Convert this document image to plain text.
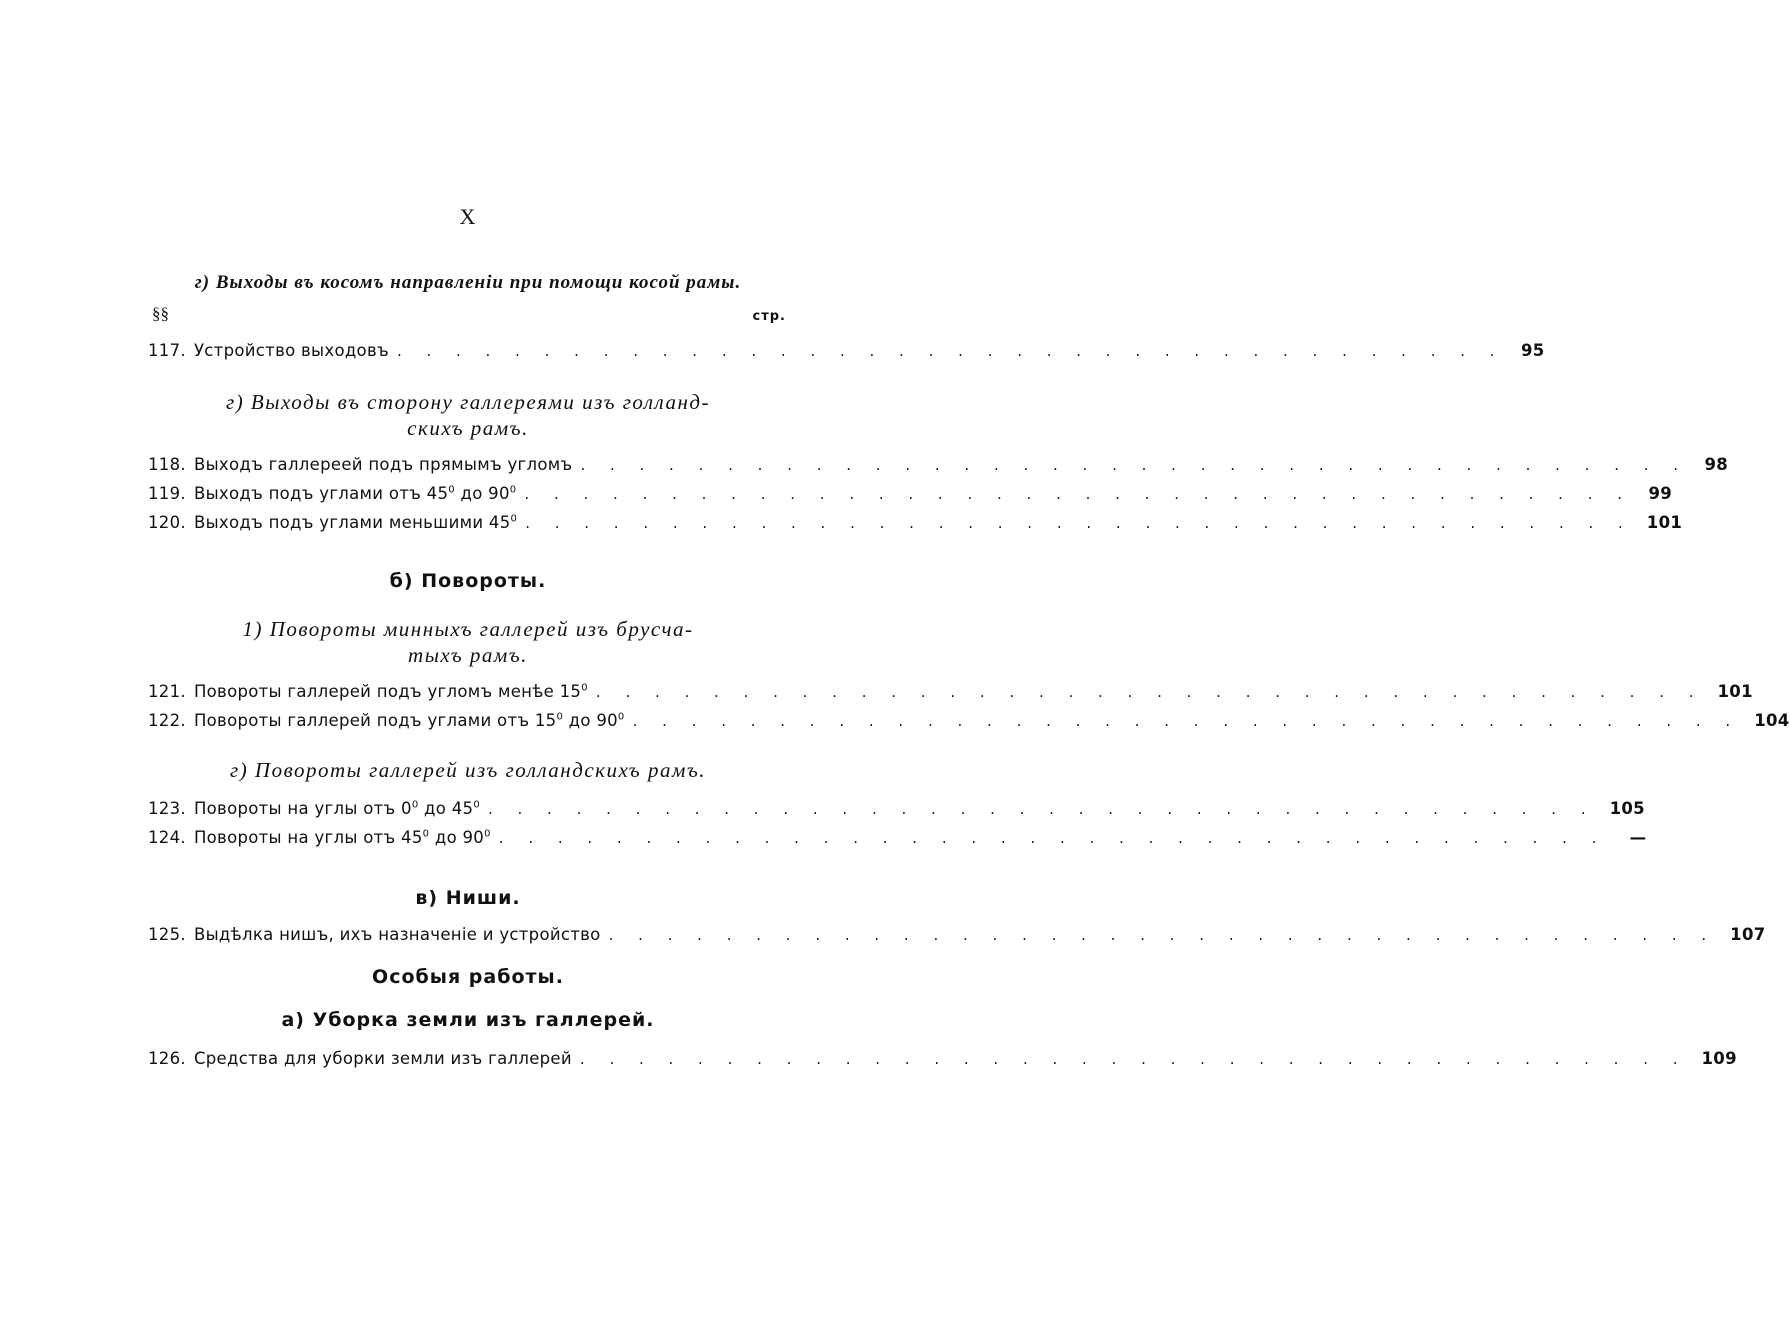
X
г) Выходы въ косомъ направленіи при помощи косой рамы.
§§	стр.
117. Устройство выходовъ . . . . . . . . . . . . . . . . . . . . . . . . . . . . . . . . . . . . . . 95
г) Выходы въ сторону галлереями изъ голланд-
скихъ рамъ.
118. Выходъ галлереей подъ прямымъ угломъ . . . . . . . . . . . . . . . . . . . . . . . . . . . . . . . . . . . . . . 98
119. Выходъ подъ углами отъ $45^0$ до $90^0$ . . . . . . . . . . . . . . . . . . . . . . . . . . . . . . . . . . . . . . 99
120. Выходъ подъ углами меньшими $45^0$ . . . . . . . . . . . . . . . . . . . . . . . . . . . . . . . . . . . . . . 101
б) Повороты.
1) Повороты минныхъ галлерей изъ брусча-
тыхъ рамъ.
121. Повороты галлерей подъ угломъ менѣе $15^0$ . . . . . . . . . . . . . . . . . . . . . . . . . . . . . . . . . . . . . . 101
122. Повороты галлерей подъ углами отъ $15^0$ до $90^0$ . . . . . . . . . . . . . . . . . . . . . . . . . . . . . . . . . . . . . . 104
г) Повороты галлерей изъ голландскихъ рамъ.
123. Повороты на углы отъ $0^0$ до $45^0$ . . . . . . . . . . . . . . . . . . . . . . . . . . . . . . . . . . . . . . 105
124. Повороты на углы отъ $45^0$ до $90^0$ . . . . . . . . . . . . . . . . . . . . . . . . . . . . . . . . . . . . . .	—
в) Ниши.
125. Выдѣлка нишъ, ихъ назначеніе и устройство . . . . . . . . . . . . . . . . . . . . . . . . . . . . . . . . . . . . . . 107
Особыя работы.
а) Уборка земли изъ галлерей.
126. Средства для уборки земли изъ галлерей . . . . . . . . . . . . . . . . . . . . . . . . . . . . . . . . . . . . . . 109
